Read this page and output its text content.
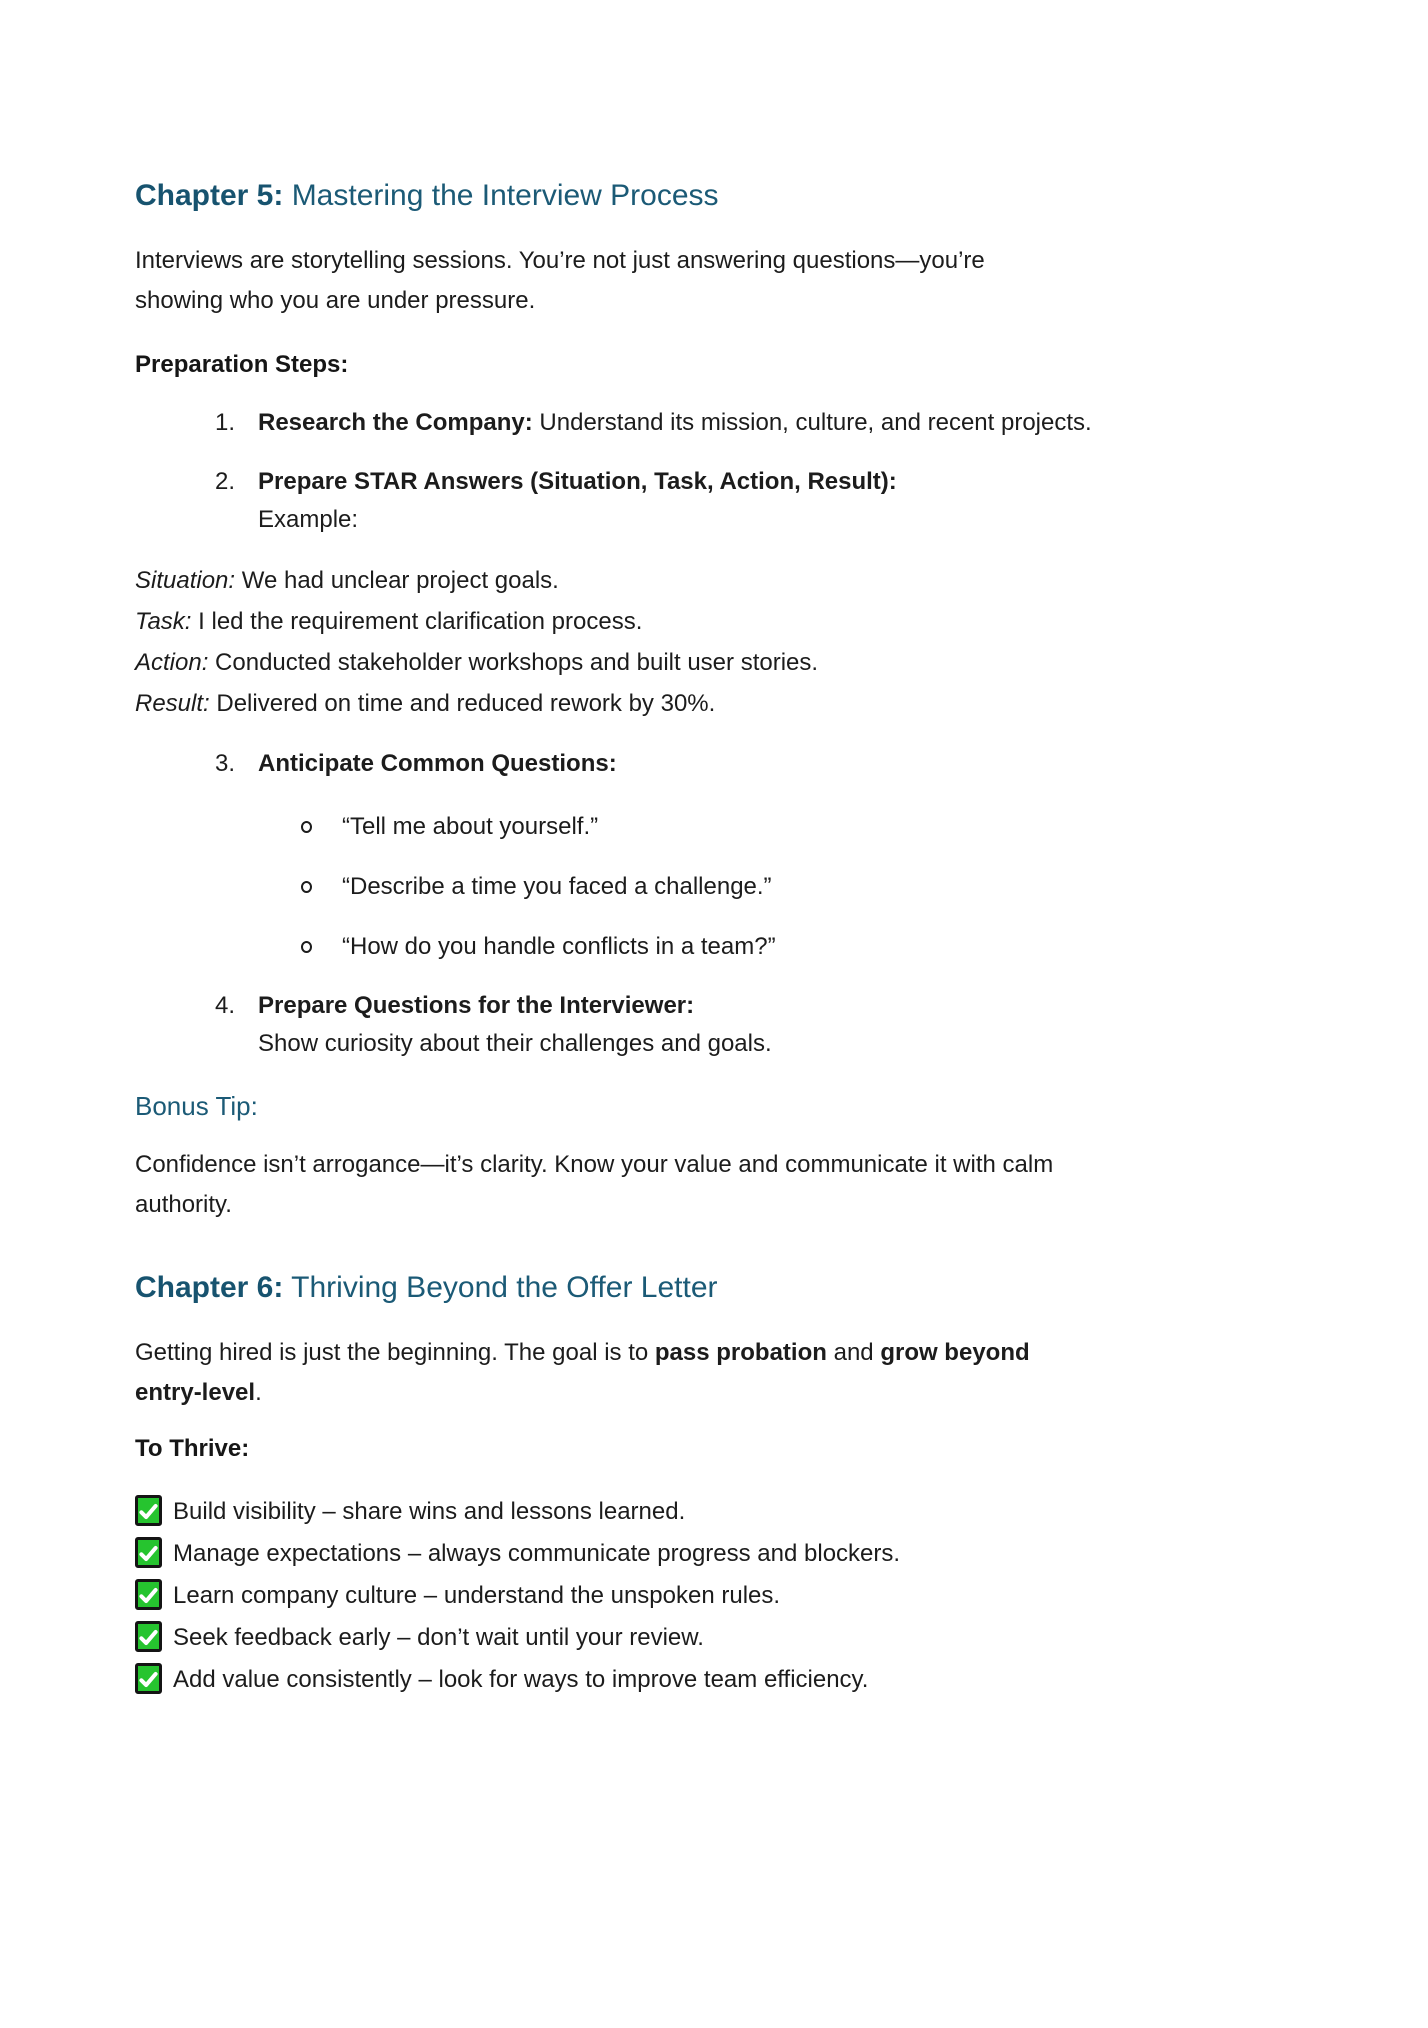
Chapter 5: Mastering the Interview Process
Interviews are storytelling sessions. You’re not just answering questions—you’re
showing who you are under pressure.
Preparation Steps:
1. Research the Company: Understand its mission, culture, and recent projects.
2. Prepare STAR Answers (Situation, Task, Action, Result):
Example:
Situation: We had unclear project goals.
Task: I led the requirement clarification process.
Action: Conducted stakeholder workshops and built user stories.
Result: Delivered on time and reduced rework by 30%.
3. Anticipate Common Questions:
“Tell me about yourself.”
“Describe a time you faced a challenge.”
“How do you handle conflicts in a team?”
4. Prepare Questions for the Interviewer:
Show curiosity about their challenges and goals.
Bonus Tip:
Confidence isn’t arrogance—it’s clarity. Know your value and communicate it with calm
authority.
Chapter 6: Thriving Beyond the Offer Letter
Getting hired is just the beginning. The goal is to pass probation and grow beyond
entry-level.
To Thrive:
Build visibility – share wins and lessons learned.
Manage expectations – always communicate progress and blockers.
Learn company culture – understand the unspoken rules.
Seek feedback early – don’t wait until your review.
Add value consistently – look for ways to improve team efficiency.
